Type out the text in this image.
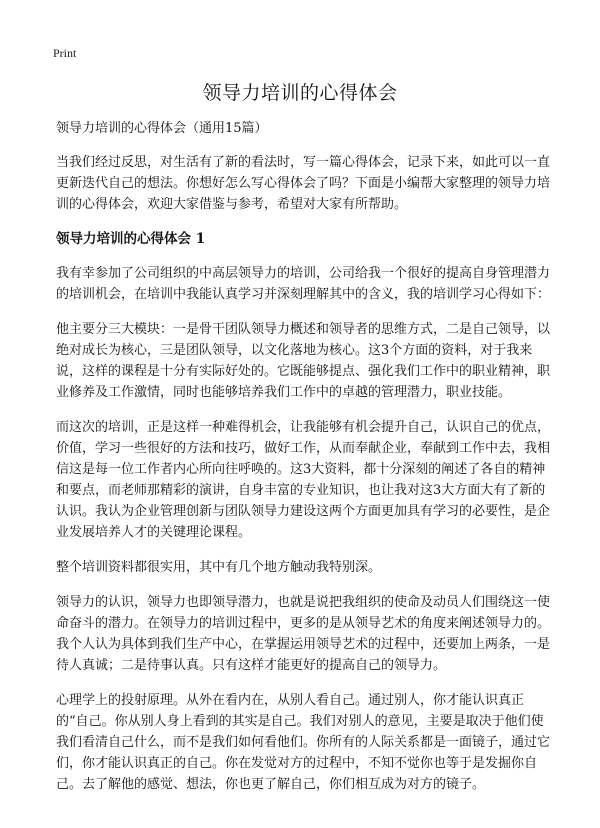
Print
领导力培训的心得体会

领导力培训的心得体会（通用15篇）

当我们经过反思，对生活有了新的看法时，写一篇心得体会，记录下来，如此可以一直更新迭代自己的想法。你想好怎么写心得体会了吗？下面是小编帮大家整理的领导力培训的心得体会，欢迎大家借鉴与参考，希望对大家有所帮助。

领导力培训的心得体会 1

我有幸参加了公司组织的中高层领导力的培训，公司给我一个很好的提高自身管理潜力的培训机会，在培训中我能认真学习并深刻理解其中的含义，我的培训学习心得如下：

他主要分三大模块：一是骨干团队领导力概述和领导者的思维方式，二是自己领导，以绝对成长为核心，三是团队领导，以文化落地为核心。这3个方面的资料，对于我来说，这样的课程是十分有实际好处的。它既能够提点、强化我们工作中的职业精神，职业修养及工作激情，同时也能够培养我们工作中的卓越的管理潜力，职业技能。

而这次的培训，正是这样一种难得机会，让我能够有机会提升自己，认识自己的优点，价值，学习一些很好的方法和技巧，做好工作，从而奉献企业，奉献到工作中去，我相信这是每一位工作者内心所向往呼唤的。这3大资料，都十分深刻的阐述了各自的精神和要点，而老师那精彩的演讲，自身丰富的专业知识，也让我对这3大方面大有了新的认识。我认为企业管理创新与团队领导力建设这两个方面更加具有学习的必要性，是企业发展培养人才的关键理论课程。

整个培训资料都很实用，其中有几个地方触动我特别深。

领导力的认识，领导力也即领导潜力，也就是说把我组织的使命及动员人们围绕这一使命奋斗的潜力。在领导力的培训过程中，更多的是从领导艺术的角度来阐述领导力的。我个人认为具体到我们生产中心，在掌握运用领导艺术的过程中，还要加上两条，一是待人真诚；二是待事认真。只有这样才能更好的提高自己的领导力。

心理学上的投射原理。从外在看内在，从别人看自己。通过别人，你才能认识真正的“自己。你从别人身上看到的其实是自己。我们对别人的意见，主要是取决于他们使我们看清自己什么，而不是我们如何看他们。你所有的人际关系都是一面镜子，通过它们，你才能认识真正的自己。你在发觉对方的过程中，不知不觉你也等于是发掘你自己。去了解他的感觉、想法，你也更了解自己，你们相互成为对方的镜子。
